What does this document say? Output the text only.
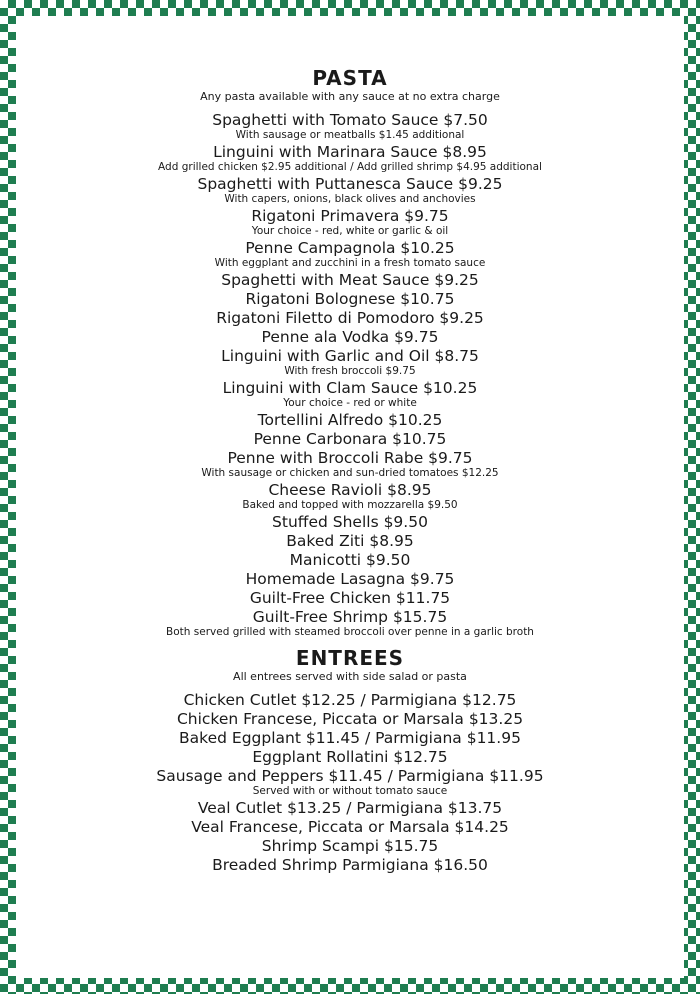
PASTA

Any pasta available with any sauce at no extra charge

Spaghetti with Tomato Sauce $7.50

With sausage or meatballs $1.45 additional

Linguini with Marinara Sauce $8.95

Add grilled chicken $2.95 additional / Add grilled shrimp $4.95 additional

Spaghetti with Puttanesca Sauce $9.25

With capers, onions, black olives and anchovies

Rigatoni Primavera $9.75

Your choice - red, white or garlic & oil

Penne Campagnola $10.25

With eggplant and zucchini in a fresh tomato sauce

Spaghetti with Meat Sauce $9.25

Rigatoni Bolognese $10.75

Rigatoni Filetto di Pomodoro $9.25

Penne ala Vodka $9.75

Linguini with Garlic and Oil $8.75

With fresh broccoli $9.75

Linguini with Clam Sauce $10.25

Your choice - red or white

Tortellini Alfredo $10.25

Penne Carbonara $10.75

Penne with Broccoli Rabe $9.75

With sausage or chicken and sun-dried tomatoes $12.25

Cheese Ravioli $8.95

Baked and topped with mozzarella $9.50

Stuffed Shells $9.50

Baked Ziti $8.95

Manicotti $9.50

Homemade Lasagna $9.75

Guilt-Free Chicken $11.75

Guilt-Free Shrimp $15.75

Both served grilled with steamed broccoli over penne in a garlic broth

ENTREES

All entrees served with side salad or pasta

Chicken Cutlet $12.25 / Parmigiana $12.75

Chicken Francese, Piccata or Marsala $13.25

Baked Eggplant $11.45 / Parmigiana $11.95

Eggplant Rollatini $12.75

Sausage and Peppers $11.45 / Parmigiana $11.95

Served with or without tomato sauce

Veal Cutlet $13.25 / Parmigiana $13.75

Veal Francese, Piccata or Marsala $14.25

Shrimp Scampi $15.75

Breaded Shrimp Parmigiana $16.50
